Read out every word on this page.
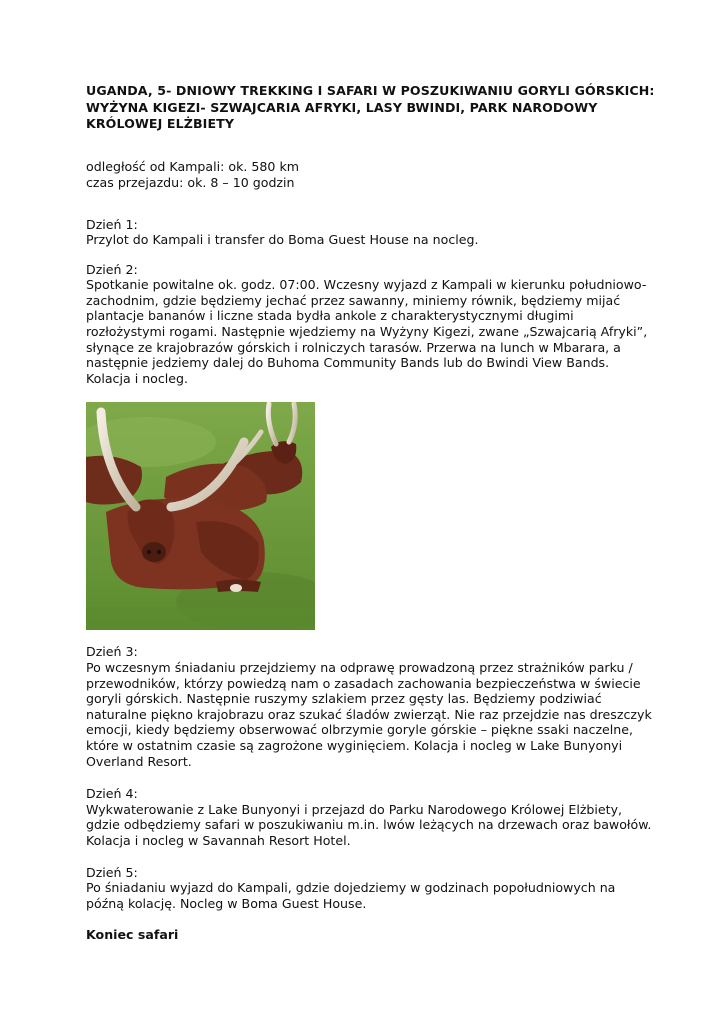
UGANDA, 5- DNIOWY TREKKING I SAFARI W POSZUKIWANIU GORYLI GÓRSKICH: WYŻYNA KIGEZI- SZWAJCARIA AFRYKI, LASY BWINDI, PARK NARODOWY KRÓLOWEJ ELŻBIETY
odległość od Kampali: ok. 580 km
czas przejazdu: ok. 8 – 10 godzin
Dzień 1:
Przylot do Kampali i transfer do Boma Guest House na nocleg.
Dzień 2:
Spotkanie powitalne ok. godz. 07:00. Wczesny wyjazd z Kampali w kierunku południowo-zachodnim, gdzie będziemy jechać przez sawanny, miniemy równik, będziemy mijać plantacje bananów i liczne stada bydła ankole z charakterystycznymi długimi rozłożystymi rogami. Następnie wjedziemy na Wyżyny Kigezi, zwane „Szwajcarią Afryki”, słynące ze krajobrazów górskich i rolniczych tarasów. Przerwa na lunch w Mbarara, a następnie jedziemy dalej do Buhoma Community Bands lub do Bwindi View Bands. Kolacja i nocleg.
Dzień 3:
Po wczesnym śniadaniu przejdziemy na odprawę prowadzoną przez strażników parku / przewodników, którzy powiedzą nam o zasadach zachowania bezpieczeństwa w świecie goryli górskich. Następnie ruszymy szlakiem przez gęsty las. Będziemy podziwiać naturalne piękno krajobrazu oraz szukać śladów zwierząt. Nie raz przejdzie nas dreszczyk emocji, kiedy będziemy obserwować olbrzymie goryle górskie – piękne ssaki naczelne, które w ostatnim czasie są zagrożone wyginięciem. Kolacja i nocleg w Lake Bunyonyi Overland Resort.
Dzień 4:
Wykwaterowanie z Lake Bunyonyi i przejazd do Parku Narodowego Królowej Elżbiety, gdzie odbędziemy safari w poszukiwaniu m.in. lwów leżących na drzewach oraz bawołów. Kolacja i nocleg w Savannah Resort Hotel.
Dzień 5:
Po śniadaniu wyjazd do Kampali, gdzie dojedziemy w godzinach popołudniowych na późną kolację. Nocleg w Boma Guest House.
Koniec safari
